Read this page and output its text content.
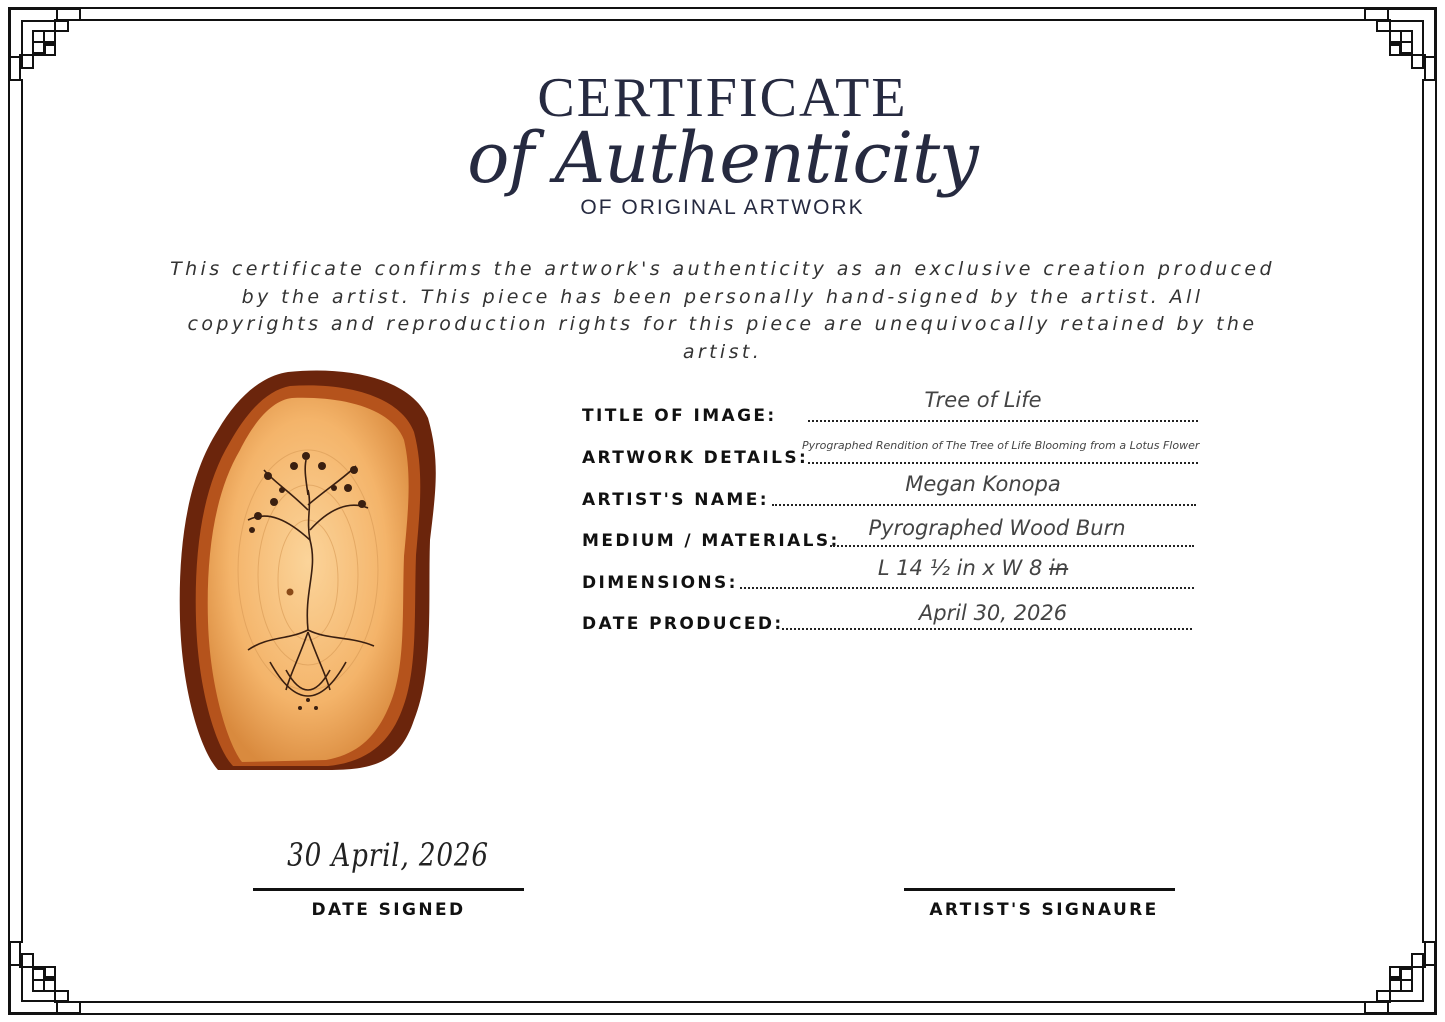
CERTIFICATE
of Authenticity
OF ORIGINAL ARTWORK
This certificate confirms the artwork's authenticity as an exclusive creation produced by the artist. This piece has been personally hand-signed by the artist. All copyrights and reproduction rights for this piece are unequivocally retained by the artist.
TITLE OF IMAGE:
Tree of Life
ARTWORK DETAILS:
Pyrographed Rendition of The Tree of Life Blooming from a Lotus Flower
ARTIST'S NAME:
Megan Konopa
MEDIUM / MATERIALS:
Pyrographed Wood Burn
DIMENSIONS:
L 14 ½ in x W 8 in
DATE PRODUCED:	April 30, 2026
30 April, 2026
DATE SIGNED	ARTIST'S SIGNAURE
